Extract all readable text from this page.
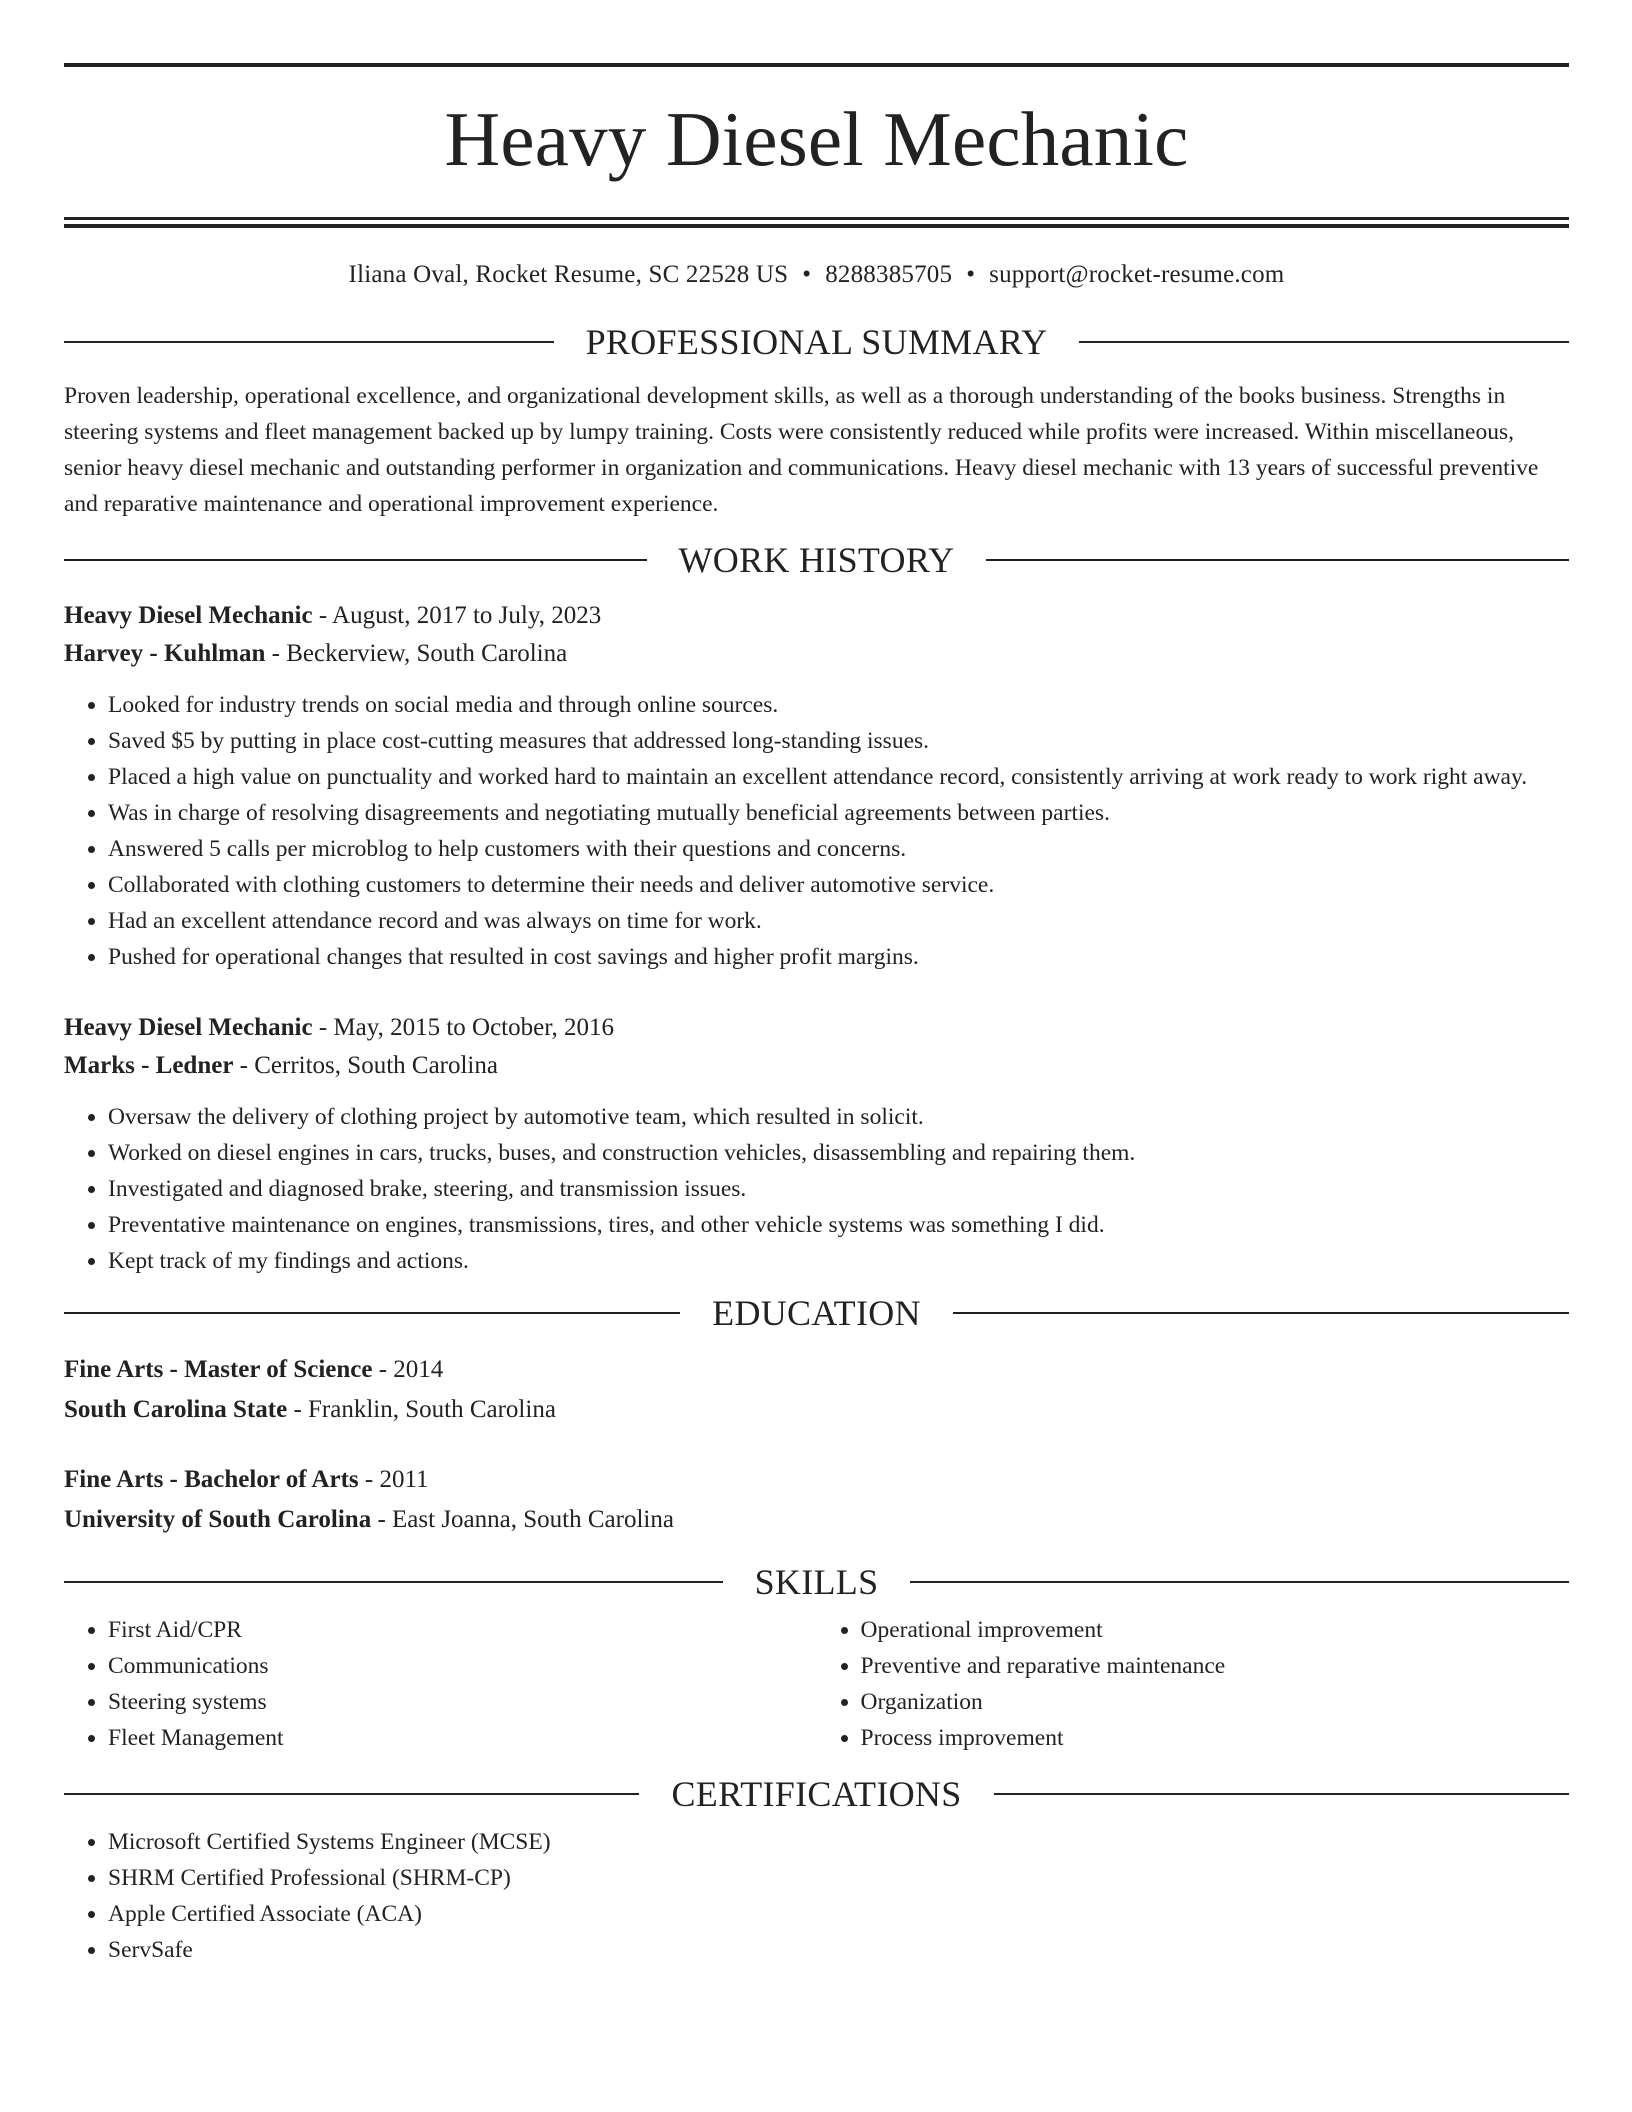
Heavy Diesel Mechanic
Iliana Oval, Rocket Resume, SC 22528 US • 8288385705 • support@rocket-resume.com
PROFESSIONAL SUMMARY

Proven leadership, operational excellence, and organizational development skills, as well as a thorough understanding of the books business. Strengths in steering systems and fleet management backed up by lumpy training. Costs were consistently reduced while profits were increased. Within miscellaneous, senior heavy diesel mechanic and outstanding performer in organization and communications. Heavy diesel mechanic with 13 years of successful preventive and reparative maintenance and operational improvement experience.

WORK HISTORY
Heavy Diesel Mechanic - August, 2017 to July, 2023
Harvey - Kuhlman - Beckerview, South Carolina
• Looked for industry trends on social media and through online sources.
• Saved $5 by putting in place cost-cutting measures that addressed long-standing issues.
• Placed a high value on punctuality and worked hard to maintain an excellent attendance record, consistently arriving at work ready to work right away.
• Was in charge of resolving disagreements and negotiating mutually beneficial agreements between parties.
• Answered 5 calls per microblog to help customers with their questions and concerns.
• Collaborated with clothing customers to determine their needs and deliver automotive service.
• Had an excellent attendance record and was always on time for work.
• Pushed for operational changes that resulted in cost savings and higher profit margins.
Heavy Diesel Mechanic - May, 2015 to October, 2016
Marks - Ledner - Cerritos, South Carolina
• Oversaw the delivery of clothing project by automotive team, which resulted in solicit.
• Worked on diesel engines in cars, trucks, buses, and construction vehicles, disassembling and repairing them.
• Investigated and diagnosed brake, steering, and transmission issues.
• Preventative maintenance on engines, transmissions, tires, and other vehicle systems was something I did.
• Kept track of my findings and actions.
EDUCATION
Fine Arts - Master of Science - 2014
South Carolina State - Franklin, South Carolina
Fine Arts - Bachelor of Arts - 2011
University of South Carolina - East Joanna, South Carolina
SKILLS
• First Aid/CPR
• Communications
• Steering systems
• Fleet Management
• Operational improvement
• Preventive and reparative maintenance
• Organization
• Process improvement
CERTIFICATIONS
• Microsoft Certified Systems Engineer (MCSE)
• SHRM Certified Professional (SHRM-CP)
• Apple Certified Associate (ACA)
• ServSafe
